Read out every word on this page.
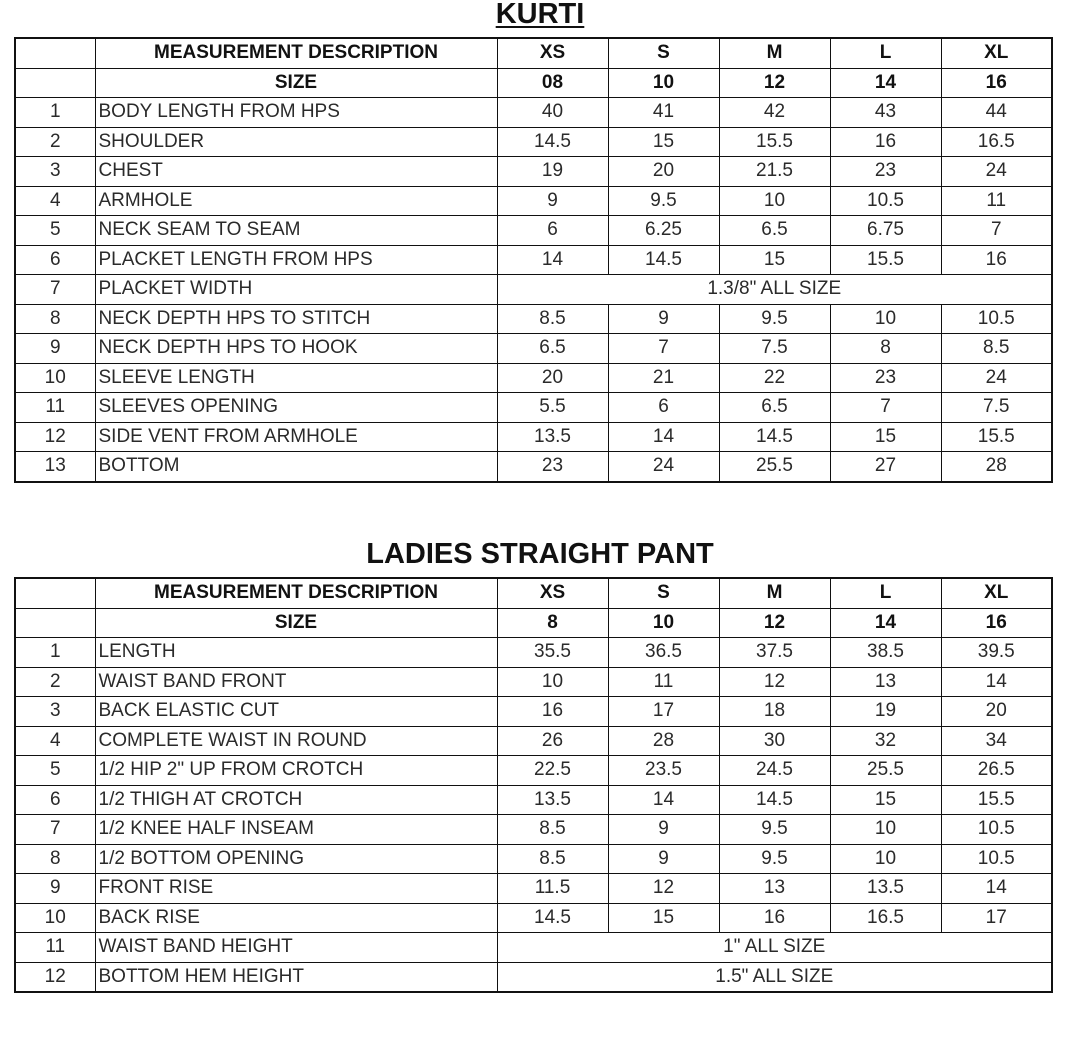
KURTI
	MEASUREMENT DESCRIPTION	XS	S	M	L	XL
	SIZE	08	10	12	14	16
1	BODY LENGTH FROM HPS	40	41	42	43	44
2	SHOULDER	14.5	15	15.5	16	16.5
3	CHEST	19	20	21.5	23	24
4	ARMHOLE	9	9.5	10	10.5	11
5	NECK SEAM TO SEAM	6	6.25	6.5	6.75	7
6	PLACKET LENGTH FROM HPS	14	14.5	15	15.5	16
7	PLACKET WIDTH	1.3/8" ALL SIZE				
8	NECK DEPTH HPS TO STITCH	8.5	9	9.5	10	10.5
9	NECK DEPTH HPS TO HOOK	6.5	7	7.5	8	8.5
10	SLEEVE LENGTH	20	21	22	23	24
11	SLEEVES OPENING	5.5	6	6.5	7	7.5
12	SIDE VENT FROM ARMHOLE	13.5	14	14.5	15	15.5
13	BOTTOM	23	24	25.5	27	28
LADIES STRAIGHT PANT
	MEASUREMENT DESCRIPTION	XS	S	M	L	XL
	SIZE	8	10	12	14	16
1	LENGTH	35.5	36.5	37.5	38.5	39.5
2	WAIST BAND FRONT	10	11	12	13	14
3	BACK ELASTIC CUT	16	17	18	19	20
4	COMPLETE WAIST IN ROUND	26	28	30	32	34
5	1/2 HIP 2" UP FROM CROTCH	22.5	23.5	24.5	25.5	26.5
6	1/2 THIGH AT CROTCH	13.5	14	14.5	15	15.5
7	1/2 KNEE HALF INSEAM	8.5	9	9.5	10	10.5
8	1/2 BOTTOM OPENING	8.5	9	9.5	10	10.5
9	FRONT RISE	11.5	12	13	13.5	14
10	BACK RISE	14.5	15	16	16.5	17
11	WAIST BAND HEIGHT	1" ALL SIZE				
12	BOTTOM HEM HEIGHT	1.5" ALL SIZE				
